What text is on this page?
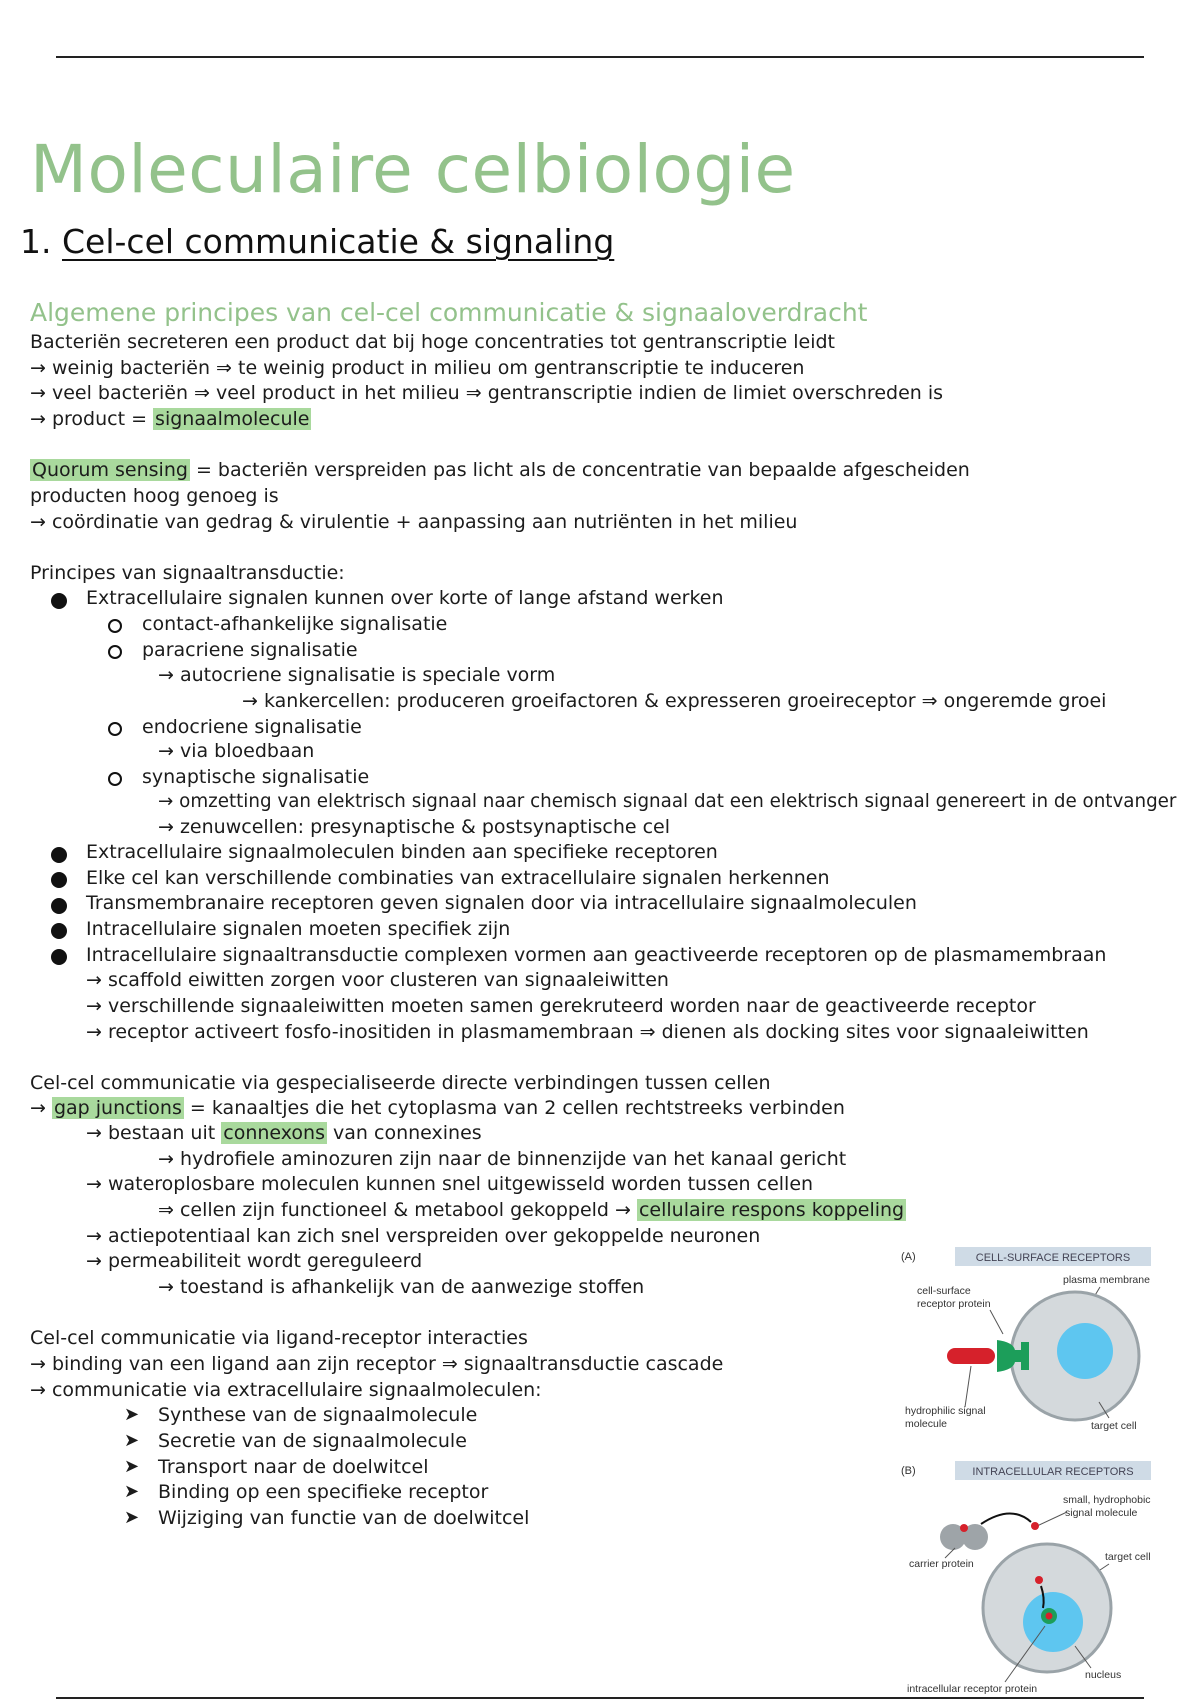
Moleculaire celbiologie
1. Cel-cel communicatie & signaling
Algemene principes van cel-cel communicatie & signaaloverdracht
Bacteriën secreteren een product dat bij hoge concentraties tot gentranscriptie leidt
→ weinig bacteriën ⇒ te weinig product in milieu om gentranscriptie te induceren
→ veel bacteriën ⇒ veel product in het milieu ⇒ gentranscriptie indien de limiet overschreden is
→ product = signaalmolecule
Quorum sensing = bacteriën verspreiden pas licht als de concentratie van bepaalde afgescheiden
producten hoog genoeg is
→ coördinatie van gedrag & virulentie + aanpassing aan nutriënten in het milieu
Principes van signaaltransductie:
Extracellulaire signalen kunnen over korte of lange afstand werken
contact-afhankelijke signalisatie
paracriene signalisatie
→ autocriene signalisatie is speciale vorm
→ kankercellen: produceren groeifactoren & expresseren groeireceptor ⇒ ongeremde groei
endocriene signalisatie
→ via bloedbaan
synaptische signalisatie
→ omzetting van elektrisch signaal naar chemisch signaal dat een elektrisch signaal genereert in de ontvanger
→ zenuwcellen: presynaptische & postsynaptische cel
Extracellulaire signaalmoleculen binden aan specifieke receptoren
Elke cel kan verschillende combinaties van extracellulaire signalen herkennen
Transmembranaire receptoren geven signalen door via intracellulaire signaalmoleculen
Intracellulaire signalen moeten specifiek zijn
Intracellulaire signaaltransductie complexen vormen aan geactiveerde receptoren op de plasmamembraan
→ scaffold eiwitten zorgen voor clusteren van signaaleiwitten
→ verschillende signaaleiwitten moeten samen gerekruteerd worden naar de geactiveerde receptor
→ receptor activeert fosfo-inositiden in plasmamembraan ⇒ dienen als docking sites voor signaaleiwitten
Cel-cel communicatie via gespecialiseerde directe verbindingen tussen cellen
→ gap junctions = kanaaltjes die het cytoplasma van 2 cellen rechtstreeks verbinden
→ bestaan uit connexons van connexines
→ hydrofiele aminozuren zijn naar de binnenzijde van het kanaal gericht
→ wateroplosbare moleculen kunnen snel uitgewisseld worden tussen cellen
⇒ cellen zijn functioneel & metabool gekoppeld → cellulaire respons koppeling
→ actiepotentiaal kan zich snel verspreiden over gekoppelde neuronen
→ permeabiliteit wordt gereguleerd
→ toestand is afhankelijk van de aanwezige stoffen
Cel-cel communicatie via ligand-receptor interacties
→ binding van een ligand aan zijn receptor ⇒ signaaltransductie cascade
→ communicatie via extracellulaire signaalmoleculen:
➤ Synthese van de signaalmolecule
➤ Secretie van de signaalmolecule
➤ Transport naar de doelwitcel
➤ Binding op een specifieke receptor
➤ Wijziging van functie van de doelwitcel
(A)	CELL-SURFACE RECEPTORS
cell-surface
receptor protein
plasma membrane
hydrophilic signal
molecule	target cell
(B)	INTRACELLULAR RECEPTORS
small, hydrophobic
signal molecule
carrier protein
target cell
nucleus
intracellular receptor protein
